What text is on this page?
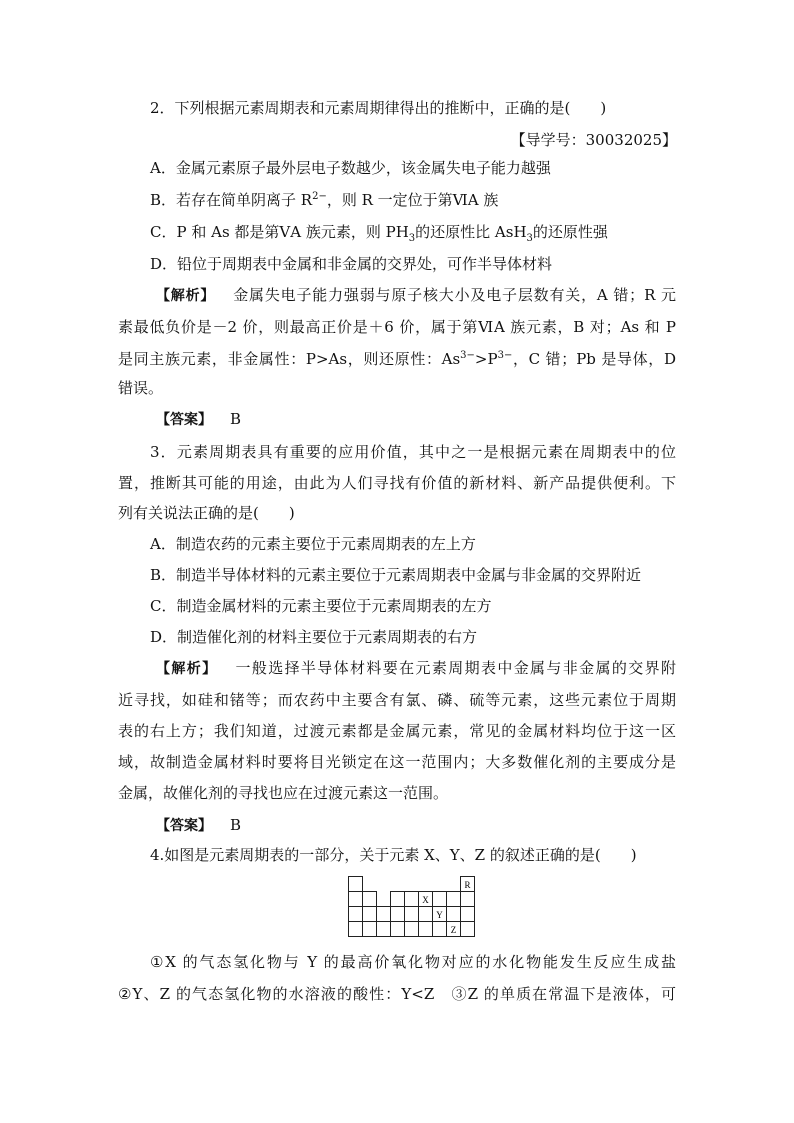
2．下列根据元素周期表和元素周期律得出的推断中，正确的是(　　)
【导学号：30032025】
A．金属元素原子最外层电子数越少，该金属失电子能力越强
B．若存在简单阴离子 $R^{2-}$，则 R 一定位于第ⅥA 族
C．P 和 As 都是第ⅤA 族元素，则 $PH_3$的还原性比 AsH$_3$的还原性强
D．铅位于周期表中金属和非金属的交界处，可作半导体材料
【解析】 金属失电子能力强弱与原子核大小及电子层数有关，A 错；R 元
素最低负价是－2 价，则最高正价是＋6 价，属于第ⅥA 族元素，B 对；As 和 P
是同主族元素，非金属性：P>As，则还原性：$As^{3-}>P^{3-}$，C 错；Pb 是导体，D
错误。
【答案】 B
3．元素周期表具有重要的应用价值，其中之一是根据元素在周期表中的位
置，推断其可能的用途，由此为人们寻找有价值的新材料、新产品提供便利。下
列有关说法正确的是(　　)
A．制造农药的元素主要位于元素周期表的左上方
B．制造半导体材料的元素主要位于元素周期表中金属与非金属的交界附近
C．制造金属材料的元素主要位于元素周期表的左方
D．制造催化剂的材料主要位于元素周期表的右方
【解析】 一般选择半导体材料要在元素周期表中金属与非金属的交界附
近寻找，如硅和锗等；而农药中主要含有氯、磷、硫等元素，这些元素位于周期
表的右上方；我们知道，过渡元素都是金属元素，常见的金属材料均位于这一区
域，故制造金属材料时要将目光锁定在这一范围内；大多数催化剂的主要成分是
金属，故催化剂的寻找也应在过渡元素这一范围。
【答案】 B
4.如图是元素周期表的一部分，关于元素 X、Y、Z 的叙述正确的是(　　)
R
X
Y
Z
①X 的气态氢化物与 Y 的最高价氧化物对应的水化物能发生反应生成盐
②Y、Z 的气态氢化物的水溶液的酸性：Y<Z　③Z 的单质在常温下是液体，可
